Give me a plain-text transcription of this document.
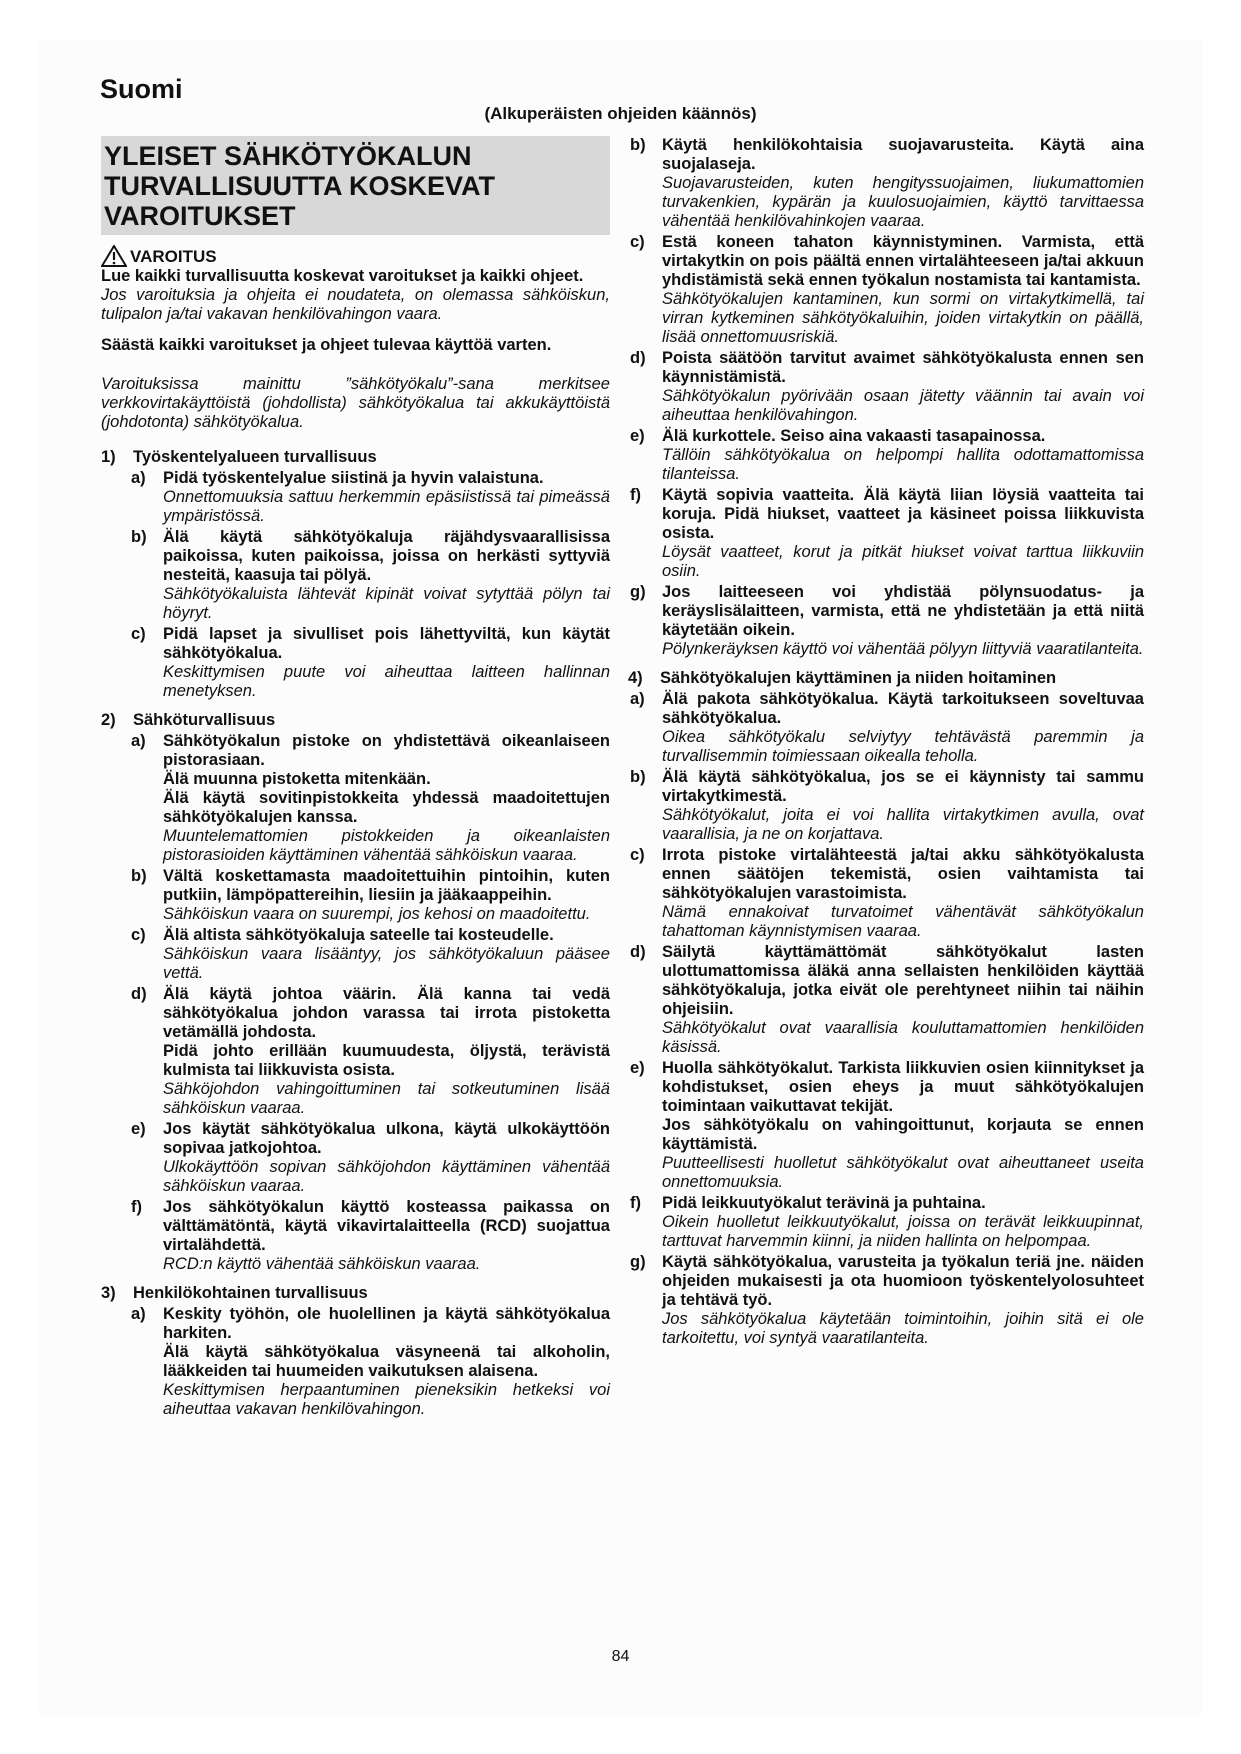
Suomi
(Alkuperäisten ohjeiden käännös)
YLEISET SÄHKÖTYÖKALUN TURVALLISUUTTA KOSKEVAT VAROITUKSET
VAROITUS

Lue kaikki turvallisuutta koskevat varoitukset ja kaikki ohjeet.

Jos varoituksia ja ohjeita ei noudateta, on olemassa sähköiskun, tulipalon ja/tai vakavan henkilövahingon vaara.

Säästä kaikki varoitukset ja ohjeet tulevaa käyttöä varten.

Varoituksissa mainittu ”sähkötyökalu”-sana merkitsee verkkovirtakäyttöistä (johdollista) sähkötyökalua tai akkukäyttöistä (johdotonta) sähkötyökalua.

1)	Työskentelyalueen turvallisuus
a)	Pidä työskentelyalue siistinä ja hyvin valaistuna.

Onnettomuuksia sattuu herkemmin epäsiistissä tai pimeässä ympäristössä.

b) Älä käytä sähkötyökaluja räjähdysvaarallisissa paikoissa, kuten paikoissa, joissa on herkästi syttyviä nesteitä, kaasuja tai pölyä.

Sähkötyökaluista lähtevät kipinät voivat sytyttää pölyn tai höyryt.

c)	Pidä lapset ja sivulliset pois lähettyviltä, kun käytät sähkötyökalua.

Keskittymisen puute voi aiheuttaa laitteen hallinnan menetyksen.

2)	Sähköturvallisuus
a)	Sähkötyökalun pistoke on yhdistettävä oikeanlaiseen pistorasiaan.

Älä muunna pistoketta mitenkään.

Älä käytä sovitinpistokkeita yhdessä maadoitettujen sähkötyökalujen kanssa.

Muuntelemattomien pistokkeiden ja oikeanlaisten pistorasioiden käyttäminen vähentää sähköiskun vaaraa.

b) Vältä koskettamasta maadoitettuihin pintoihin, kuten putkiin, lämpöpattereihin, liesiin ja jääkaappeihin.

Sähköiskun vaara on suurempi, jos kehosi on maadoitettu.

c)	Älä altista sähkötyökaluja sateelle tai kosteudelle.

Sähköiskun vaara lisääntyy, jos sähkötyökaluun pääsee vettä.

d) Älä käytä johtoa väärin. Älä kanna tai vedä sähkötyökalua johdon varassa tai irrota pistoketta vetämällä johdosta.

Pidä johto erillään kuumuudesta, öljystä, terävistä kulmista tai liikkuvista osista.

Sähköjohdon vahingoittuminen tai sotkeutuminen lisää sähköiskun vaaraa.

e)	Jos käytät sähkötyökalua ulkona, käytä ulkokäyttöön sopivaa jatkojohtoa.

Ulkokäyttöön sopivan sähköjohdon käyttäminen vähentää sähköiskun vaaraa.

f)	Jos sähkötyökalun käyttö kosteassa paikassa on välttämätöntä, käytä vikavirtalaitteella (RCD) suojattua virtalähdettä.

RCD:n käyttö vähentää sähköiskun vaaraa.

3)	Henkilökohtainen turvallisuus
a)	Keskity työhön, ole huolellinen ja käytä sähkötyökalua harkiten.

Älä käytä sähkötyökalua väsyneenä tai alkoholin, lääkkeiden tai huumeiden vaikutuksen alaisena.

Keskittymisen herpaantuminen pieneksikin hetkeksi voi aiheuttaa vakavan henkilövahingon.

b) Käytä henkilökohtaisia suojavarusteita. Käytä aina suojalaseja.

Suojavarusteiden, kuten hengityssuojaimen, liukumattomien turvakenkien, kypärän ja kuulosuojaimien, käyttö tarvittaessa vähentää henkilövahinkojen vaaraa.

c)	Estä koneen tahaton käynnistyminen. Varmista, että virtakytkin on pois päältä ennen virtalähteeseen ja/tai akkuun yhdistämistä sekä ennen työkalun nostamista tai kantamista.

Sähkötyökalujen kantaminen, kun sormi on virtakytkimellä, tai virran kytkeminen sähkötyökaluihin, joiden virtakytkin on päällä, lisää onnettomuusriskiä.

d) Poista säätöön tarvitut avaimet sähkötyökalusta ennen sen käynnistämistä.

Sähkötyökalun pyörivään osaan jätetty väännin tai avain voi aiheuttaa henkilövahingon.

e)	Älä kurkottele. Seiso aina vakaasti tasapainossa.

Tällöin sähkötyökalua on helpompi hallita odottamattomissa tilanteissa.

f)	Käytä sopivia vaatteita. Älä käytä liian löysiä vaatteita tai koruja. Pidä hiukset, vaatteet ja käsineet poissa liikkuvista osista.

Löysät vaatteet, korut ja pitkät hiukset voivat tarttua liikkuviin osiin.

g) Jos laitteeseen voi yhdistää pölynsuodatus- ja keräyslisälaitteen, varmista, että ne yhdistetään ja että niitä käytetään oikein.

Pölynkeräyksen käyttö voi vähentää pölyyn liittyviä vaaratilanteita.

4)	Sähkötyökalujen käyttäminen ja niiden hoitaminen
a)	Älä pakota sähkötyökalua. Käytä tarkoitukseen soveltuvaa sähkötyökalua.

Oikea sähkötyökalu selviytyy tehtävästä paremmin ja turvallisemmin toimiessaan oikealla teholla.

b) Älä käytä sähkötyökalua, jos se ei käynnisty tai sammu virtakytkimestä.

Sähkötyökalut, joita ei voi hallita virtakytkimen avulla, ovat vaarallisia, ja ne on korjattava.

c)	Irrota pistoke virtalähteestä ja/tai akku sähkötyökalusta ennen säätöjen tekemistä, osien vaihtamista tai sähkötyökalujen varastoimista.

Nämä ennakoivat turvatoimet vähentävät sähkötyökalun tahattoman käynnistymisen vaaraa.

d) Säilytä käyttämättömät sähkötyökalut lasten ulottumattomissa äläkä anna sellaisten henkilöiden käyttää sähkötyökaluja, jotka eivät ole perehtyneet niihin tai näihin ohjeisiin.

Sähkötyökalut ovat vaarallisia kouluttamattomien henkilöiden käsissä.

e)	Huolla sähkötyökalut. Tarkista liikkuvien osien kiinnitykset ja kohdistukset, osien eheys ja muut sähkötyökalujen toimintaan vaikuttavat tekijät.

Jos sähkötyökalu on vahingoittunut, korjauta se ennen käyttämistä.

Puutteellisesti huolletut sähkötyökalut ovat aiheuttaneet useita onnettomuuksia.

f)	Pidä leikkuutyökalut terävinä ja puhtaina.

Oikein huolletut leikkuutyökalut, joissa on terävät leikkuupinnat, tarttuvat harvemmin kiinni, ja niiden hallinta on helpompaa.

g) Käytä sähkötyökalua, varusteita ja työkalun teriä jne. näiden ohjeiden mukaisesti ja ota huomioon työskentelyolosuhteet ja tehtävä työ.

Jos sähkötyökalua käytetään toimintoihin, joihin sitä ei ole tarkoitettu, voi syntyä vaaratilanteita.

84
